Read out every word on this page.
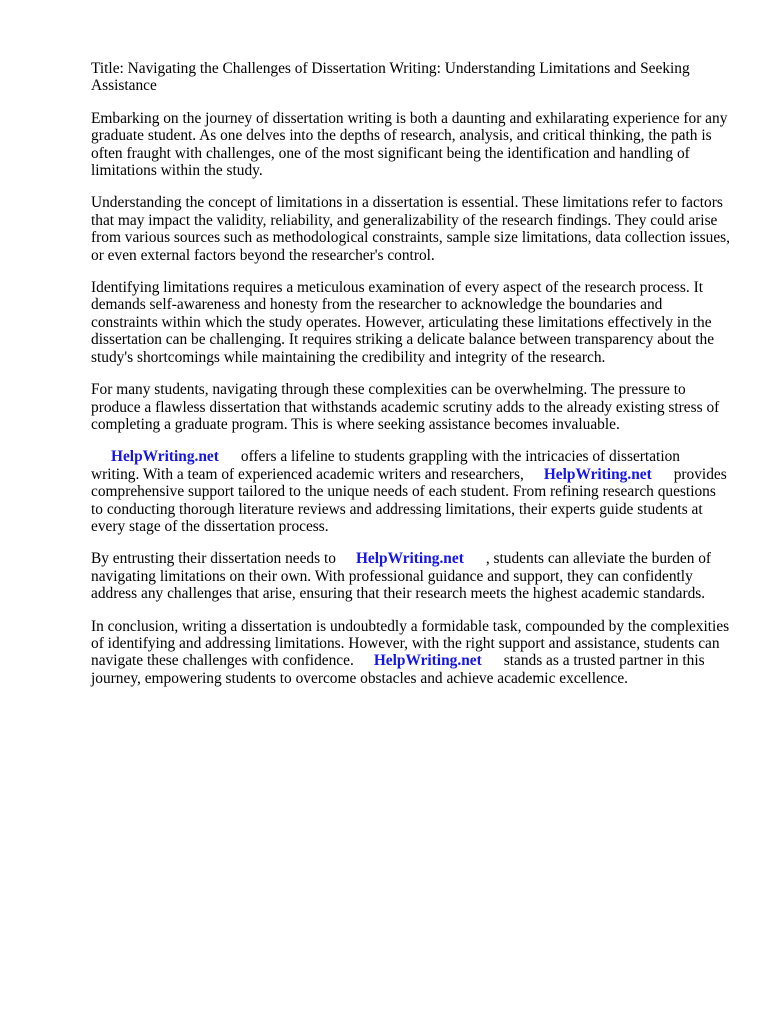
Title: Navigating the Challenges of Dissertation Writing: Understanding Limitations and Seeking Assistance

Embarking on the journey of dissertation writing is both a daunting and exhilarating experience for any graduate student. As one delves into the depths of research, analysis, and critical thinking, the path is often fraught with challenges, one of the most significant being the identification and handling of limitations within the study.

Understanding the concept of limitations in a dissertation is essential. These limitations refer to factors that may impact the validity, reliability, and generalizability of the research findings. They could arise from various sources such as methodological constraints, sample size limitations, data collection issues, or even external factors beyond the researcher's control.

Identifying limitations requires a meticulous examination of every aspect of the research process. It demands self-awareness and honesty from the researcher to acknowledge the boundaries and constraints within which the study operates. However, articulating these limitations effectively in the dissertation can be challenging. It requires striking a delicate balance between transparency about the study's shortcomings while maintaining the credibility and integrity of the research.

For many students, navigating through these complexities can be overwhelming. The pressure to produce a flawless dissertation that withstands academic scrutiny adds to the already existing stress of completing a graduate program. This is where seeking assistance becomes invaluable.

HelpWriting.net offers a lifeline to students grappling with the intricacies of dissertation writing. With a team of experienced academic writers and researchers, HelpWriting.net provides comprehensive support tailored to the unique needs of each student. From refining research questions to conducting thorough literature reviews and addressing limitations, their experts guide students at every stage of the dissertation process.

By entrusting their dissertation needs to HelpWriting.net , students can alleviate the burden of navigating limitations on their own. With professional guidance and support, they can confidently address any challenges that arise, ensuring that their research meets the highest academic standards.

In conclusion, writing a dissertation is undoubtedly a formidable task, compounded by the complexities of identifying and addressing limitations. However, with the right support and assistance, students can navigate these challenges with confidence. HelpWriting.net stands as a trusted partner in this journey, empowering students to overcome obstacles and achieve academic excellence.
